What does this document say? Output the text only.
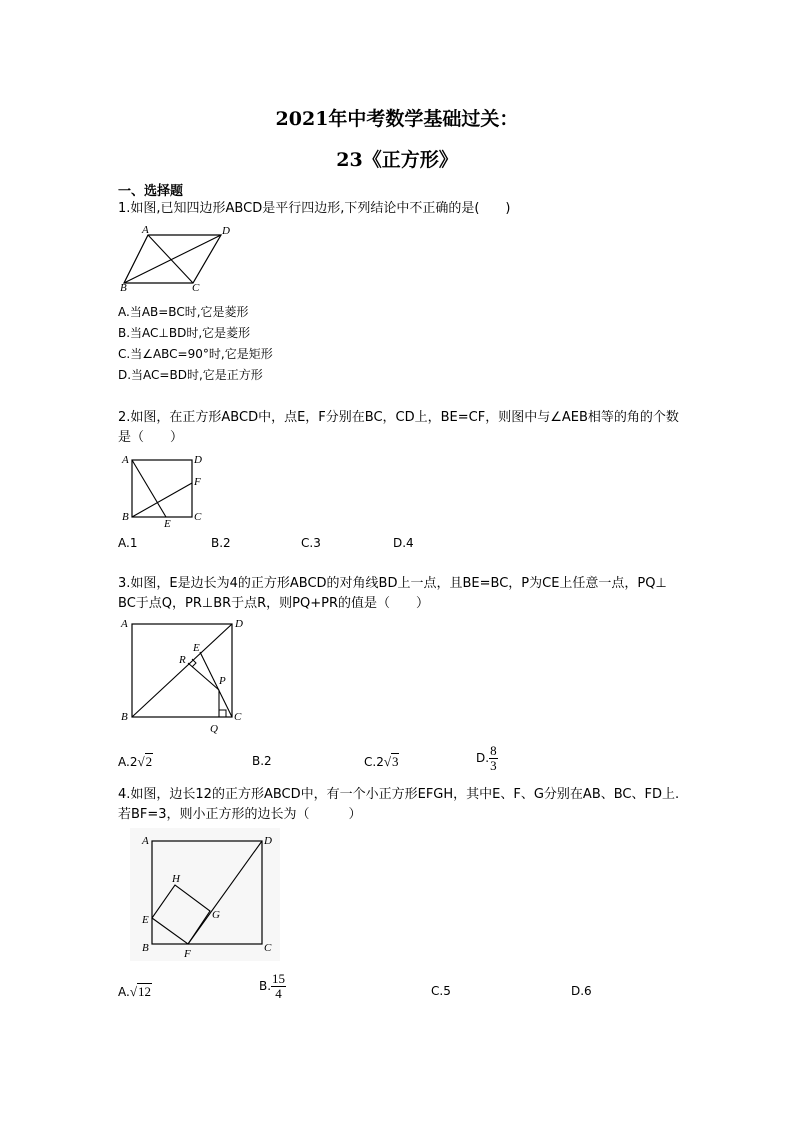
2021年中考数学基础过关：
23《正方形》
一、选择题
1.如图,已知四边形ABCD是平行四边形,下列结论中不正确的是(　　)
A	D
B	C
A.当AB=BC时,它是菱形
B.当AC⊥BD时,它是菱形
C.当∠ABC=90°时,它是矩形
D.当AC=BD时,它是正方形
2.如图，在正方形ABCD中，点E，F分别在BC，CD上，BE=CF，则图中与∠AEB相等的角的个数
是（　　）
A	D
F
B	C
E
A.1	B.2	C.3	D.4
3.如图，E是边长为4的正方形ABCD的对角线BD上一点，且BE=BC，P为CE上任意一点，PQ⊥
BC于点Q，PR⊥BR于点R，则PQ+PR的值是（　　）
A	D
E
R
P
B	C
Q
A.2√2	B.2	C.2√3	D. $\frac{8}{3}$
4.如图，边长12的正方形ABCD中，有一个小正方形EFGH，其中E、F、G分别在AB、BC、FD上.
若BF=3，则小正方形的边长为（　　　）
A	D
H
G
E
B	C
F
A.√12	B. $\frac{15}{4}$	C.5	D.6
